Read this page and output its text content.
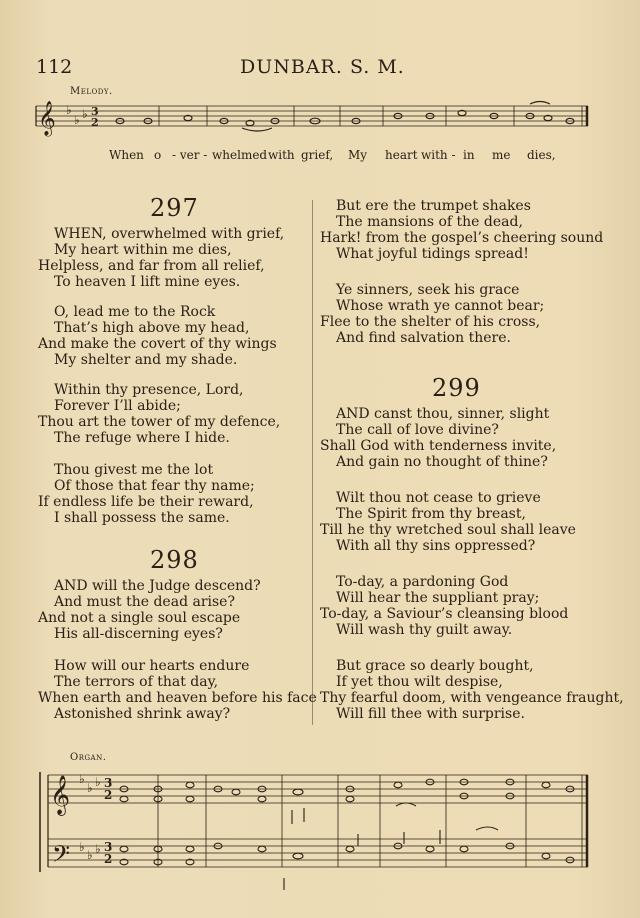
112	DUNBAR. S. M.
Melody.
𝄞 ♭
♭ ♭ 3
2
𝄞
𝄢
♭
♭ ♭ 3
2
♭
♭ ♭ 3
2
Organ.
When o - ver - whelmed with grief, My heart with - in me dies,
297
WHEN, overwhelmed with grief,
My heart within me dies,
Helpless, and far from all relief,
To heaven I lift mine eyes.
O, lead me to the Rock
That’s high above my head,
And make the covert of thy wings
My shelter and my shade.
Within thy presence, Lord,
Forever I’ll abide;
Thou art the tower of my defence,
The refuge where I hide.
Thou givest me the lot
Of those that fear thy name;
If endless life be their reward,
I shall possess the same.
298
AND will the Judge descend?
And must the dead arise?
And not a single soul escape
His all-discerning eyes?
How will our hearts endure
The terrors of that day,
When earth and heaven before his face
Astonished shrink away?
But ere the trumpet shakes
The mansions of the dead,
Hark! from the gospel’s cheering sound
What joyful tidings spread!
Ye sinners, seek his grace
Whose wrath ye cannot bear;
Flee to the shelter of his cross,
And find salvation there.
299
AND canst thou, sinner, slight
The call of love divine?
Shall God with tenderness invite,
And gain no thought of thine?
Wilt thou not cease to grieve
The Spirit from thy breast,
Till he thy wretched soul shall leave
With all thy sins oppressed?
To-day, a pardoning God
Will hear the suppliant pray;
To-day, a Saviour’s cleansing blood
Will wash thy guilt away.
But grace so dearly bought,
If yet thou wilt despise,
Thy fearful doom, with vengeance fraught,
Will fill thee with surprise.
